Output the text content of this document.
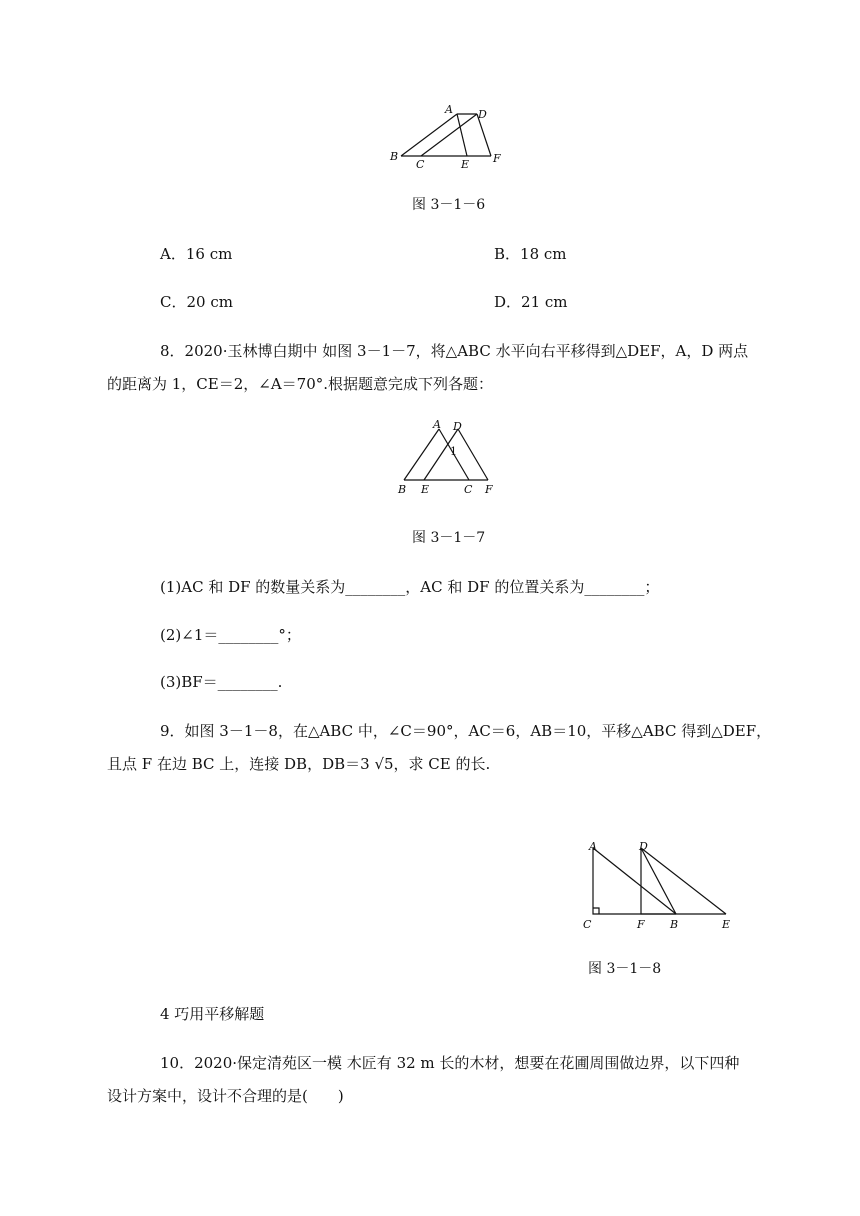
A D
B
C	E F
图 3－1－6
A．16 cm	B．18 cm
C．20 cm	D．21 cm
8．2020·玉林博白期中 如图 3－1－7，将△ABC 水平向右平移得到△DEF，A，D 两点
的距离为 1，CE＝2，∠A＝70°.根据题意完成下列各题：
A D
1
B E	C F
图 3－1－7
(1)AC 和 DF 的数量关系为________，AC 和 DF 的位置关系为________；
(2)∠1＝________°；
(3)BF＝________.
9．如图 3－1－8，在△ABC 中，∠C＝90°，AC＝6，AB＝10，平移△ABC 得到△DEF，
且点 F 在边 BC 上，连接 DB，DB＝3 √5，求 CE 的长.
A	D
C	F B	E
图 3－1－8
4 巧用平移解题
10．2020·保定清苑区一模 木匠有 32 m 长的木材，想要在花圃周围做边界，以下四种
设计方案中，设计不合理的是(　　)
